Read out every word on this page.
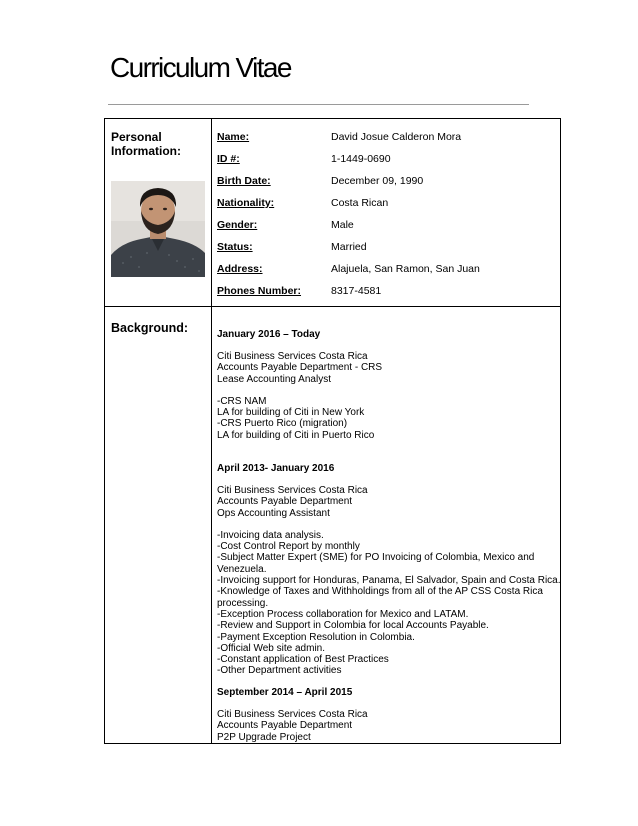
Curriculum Vitae
Personal Information:
Name:	David Josue Calderon Mora
ID #:	1-1449-0690
Birth Date:	December 09, 1990
Nationality:	Costa Rican
Gender:	Male
Status:	Married
Address:	Alajuela, San Ramon, San Juan
Phones Number:	8317-4581
Background:	January 2016 – Today
Citi Business Services Costa Rica
Accounts Payable Department - CRS
Lease Accounting Analyst
-CRS NAM
LA for building of Citi in New York
-CRS Puerto Rico (migration)
LA for building of Citi in Puerto Rico
April 2013- January 2016
Citi Business Services Costa Rica
Accounts Payable Department
Ops Accounting Assistant
-Invoicing data analysis.
-Cost Control Report by monthly
-Subject Matter Expert (SME) for PO Invoicing of Colombia, Mexico and
Venezuela.
-Invoicing support for Honduras, Panama, El Salvador, Spain and Costa Rica.
-Knowledge of Taxes and Withholdings from all of the AP CSS Costa Rica
processing.
-Exception Process collaboration for Mexico and LATAM.
-Review and Support in Colombia for local Accounts Payable.
-Payment Exception Resolution in Colombia.
-Official Web site admin.
-Constant application of Best Practices
-Other Department activities
September 2014 – April 2015
Citi Business Services Costa Rica
Accounts Payable Department
P2P Upgrade Project
